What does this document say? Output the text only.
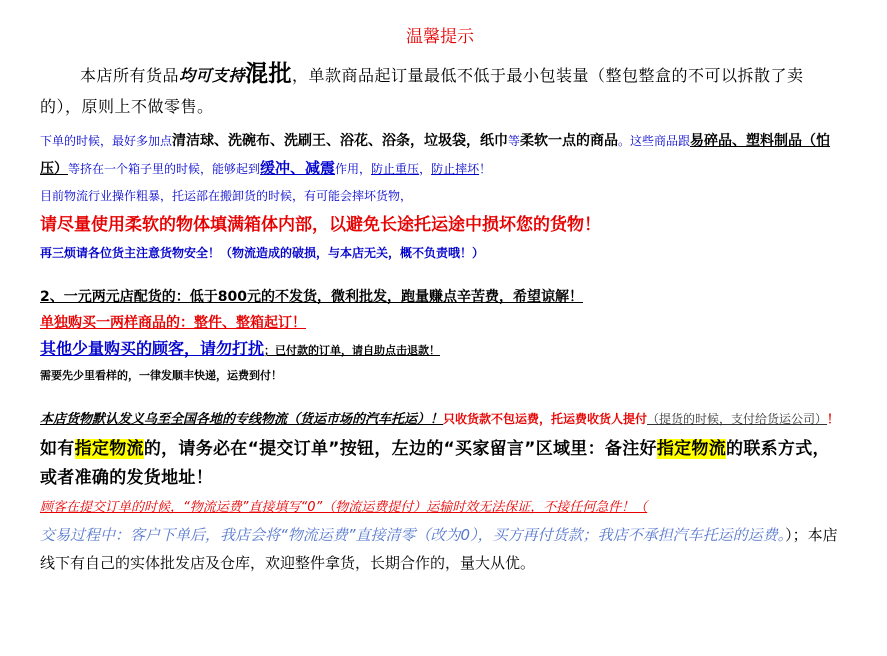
温馨提示

本店所有货品均可支持混批，单款商品起订量最低不低于最小包装量（整包整盒的不可以拆散了卖的），原则上不做零售。

下单的时候，最好多加点清洁球、洗碗布、洗刷王、浴花、浴条，垃圾袋，纸巾等柔软一点的商品。这些商品跟易碎品、塑料制品（怕压）等挤在一个箱子里的时候，能够起到缓冲、减震作用，防止重压，防止摔坏！

目前物流行业操作粗暴，托运部在搬卸货的时候，有可能会摔坏货物，

请尽量使用柔软的物体填满箱体内部，以避免长途托运途中损坏您的货物！

再三烦请各位货主注意货物安全！（物流造成的破损，与本店无关，概不负责哦！）

2、一元两元店配货的：低于800元的不发货，微利批发，跑量赚点辛苦费，希望谅解！

单独购买一两样商品的：整件、整箱起订！

其他少量购买的顾客，请勿打扰；已付款的订单，请自助点击退款！

需要先少里看样的，一律发顺丰快递，运费到付！

本店货物默认发义乌至全国各地的专线物流（货运市场的汽车托运）！只收货款不包运费，托运费收货人提付（提货的时候，支付给货运公司）！

如有指定物流的，请务必在“提交订单”按钮，左边的“买家留言”区域里：备注好指定物流的联系方式，或者准确的发货地址！

顾客在提交订单的时候，“物流运费”直接填写“0”（物流运费提付）运输时效无法保证，不接任何急件！（

交易过程中：客户下单后，我店会将“物流运费”直接清零（改为0），买方再付货款；我店不承担汽车托运的运费。）；本店线下有自己的实体批发店及仓库，欢迎整件拿货，长期合作的，量大从优。
